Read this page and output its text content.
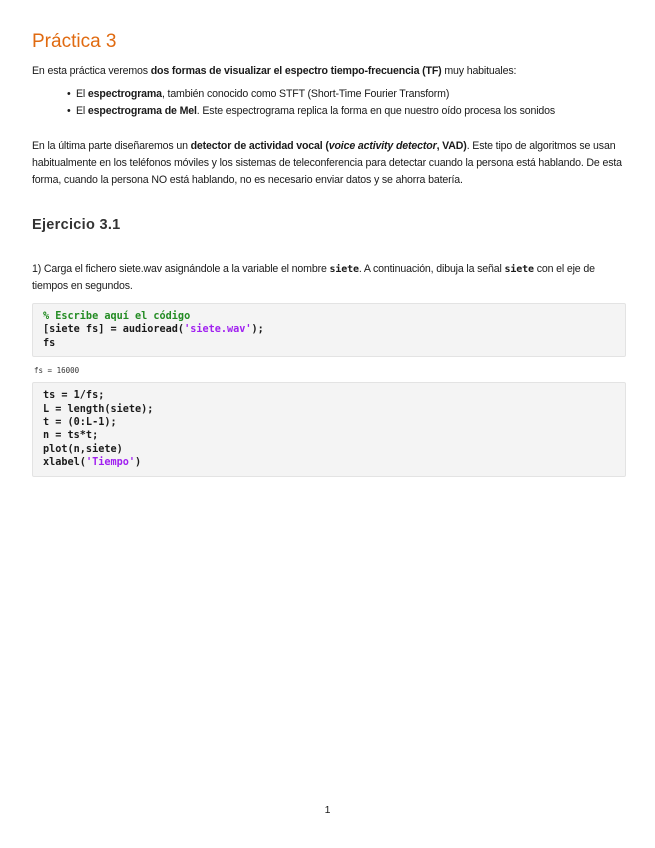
Práctica 3

En esta práctica veremos dos formas de visualizar el espectro tiempo-frecuencia (TF) muy habituales:

• El espectrograma, también conocido como STFT (Short-Time Fourier Transform)
• El espectrograma de Mel. Este espectrograma replica la forma en que nuestro oído procesa los sonidos

En la última parte diseñaremos un detector de actividad vocal (voice activity detector, VAD). Este tipo de algoritmos se usan habitualmente en los teléfonos móviles y los sistemas de teleconferencia para detectar cuando la persona está hablando. De esta forma, cuando la persona NO está hablando, no es necesario enviar datos y se ahorra batería.

Ejercicio 3.1

1) Carga el fichero siete.wav asignándole a la variable el nombre siete. A continuación, dibuja la señal siete con el eje de tiempos en segundos.

% Escribe aquí el código
[siete fs] = audioread('siete.wav');
fs
fs = 16000
ts = 1/fs;
L = length(siete);
t = (0:L-1);
n = ts*t;
plot(n,siete)
xlabel('Tiempo')
1
